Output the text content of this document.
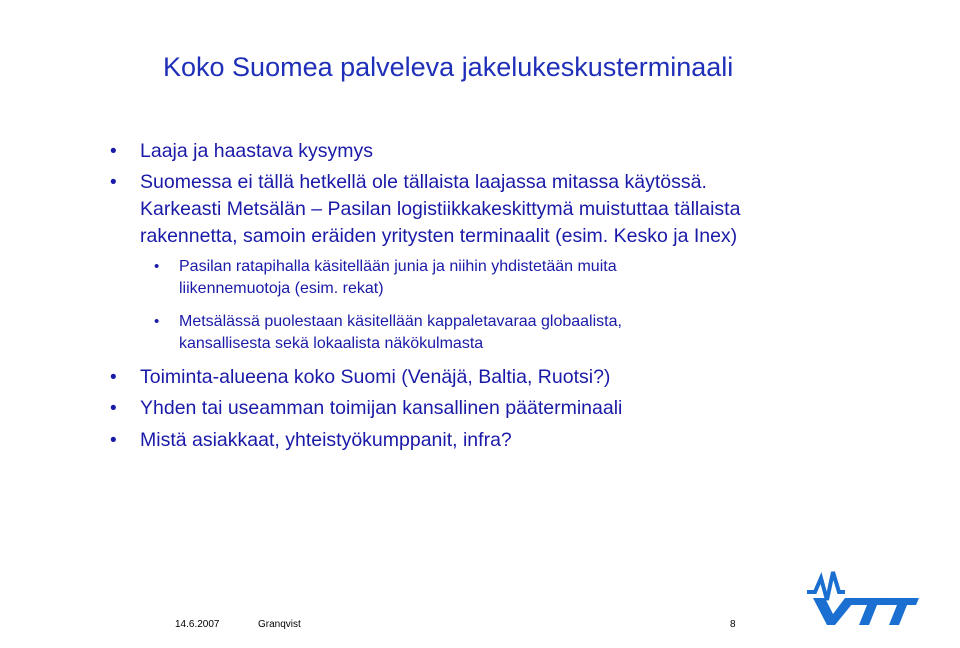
Koko Suomea palveleva jakelukeskusterminaali
• Laaja ja haastava kysymys
• Suomessa ei tällä hetkellä ole tällaista laajassa mitassa käytössä.
Karkeasti Metsälän – Pasilan logistiikkakeskittymä muistuttaa tällaista
rakennetta, samoin eräiden yritysten terminaalit (esim. Kesko ja Inex)
• Pasilan ratapihalla käsitellään junia ja niihin yhdistetään muita
liikennemuotoja (esim. rekat)
• Metsälässä puolestaan käsitellään kappaletavaraa globaalista,
kansallisesta sekä lokaalista näkökulmasta
• Toiminta-alueena koko Suomi (Venäjä, Baltia, Ruotsi?)
• Yhden tai useamman toimijan kansallinen pääterminaali
• Mistä asiakkaat, yhteistyökumppanit, infra?
14.6.2007	Granqvist	8
